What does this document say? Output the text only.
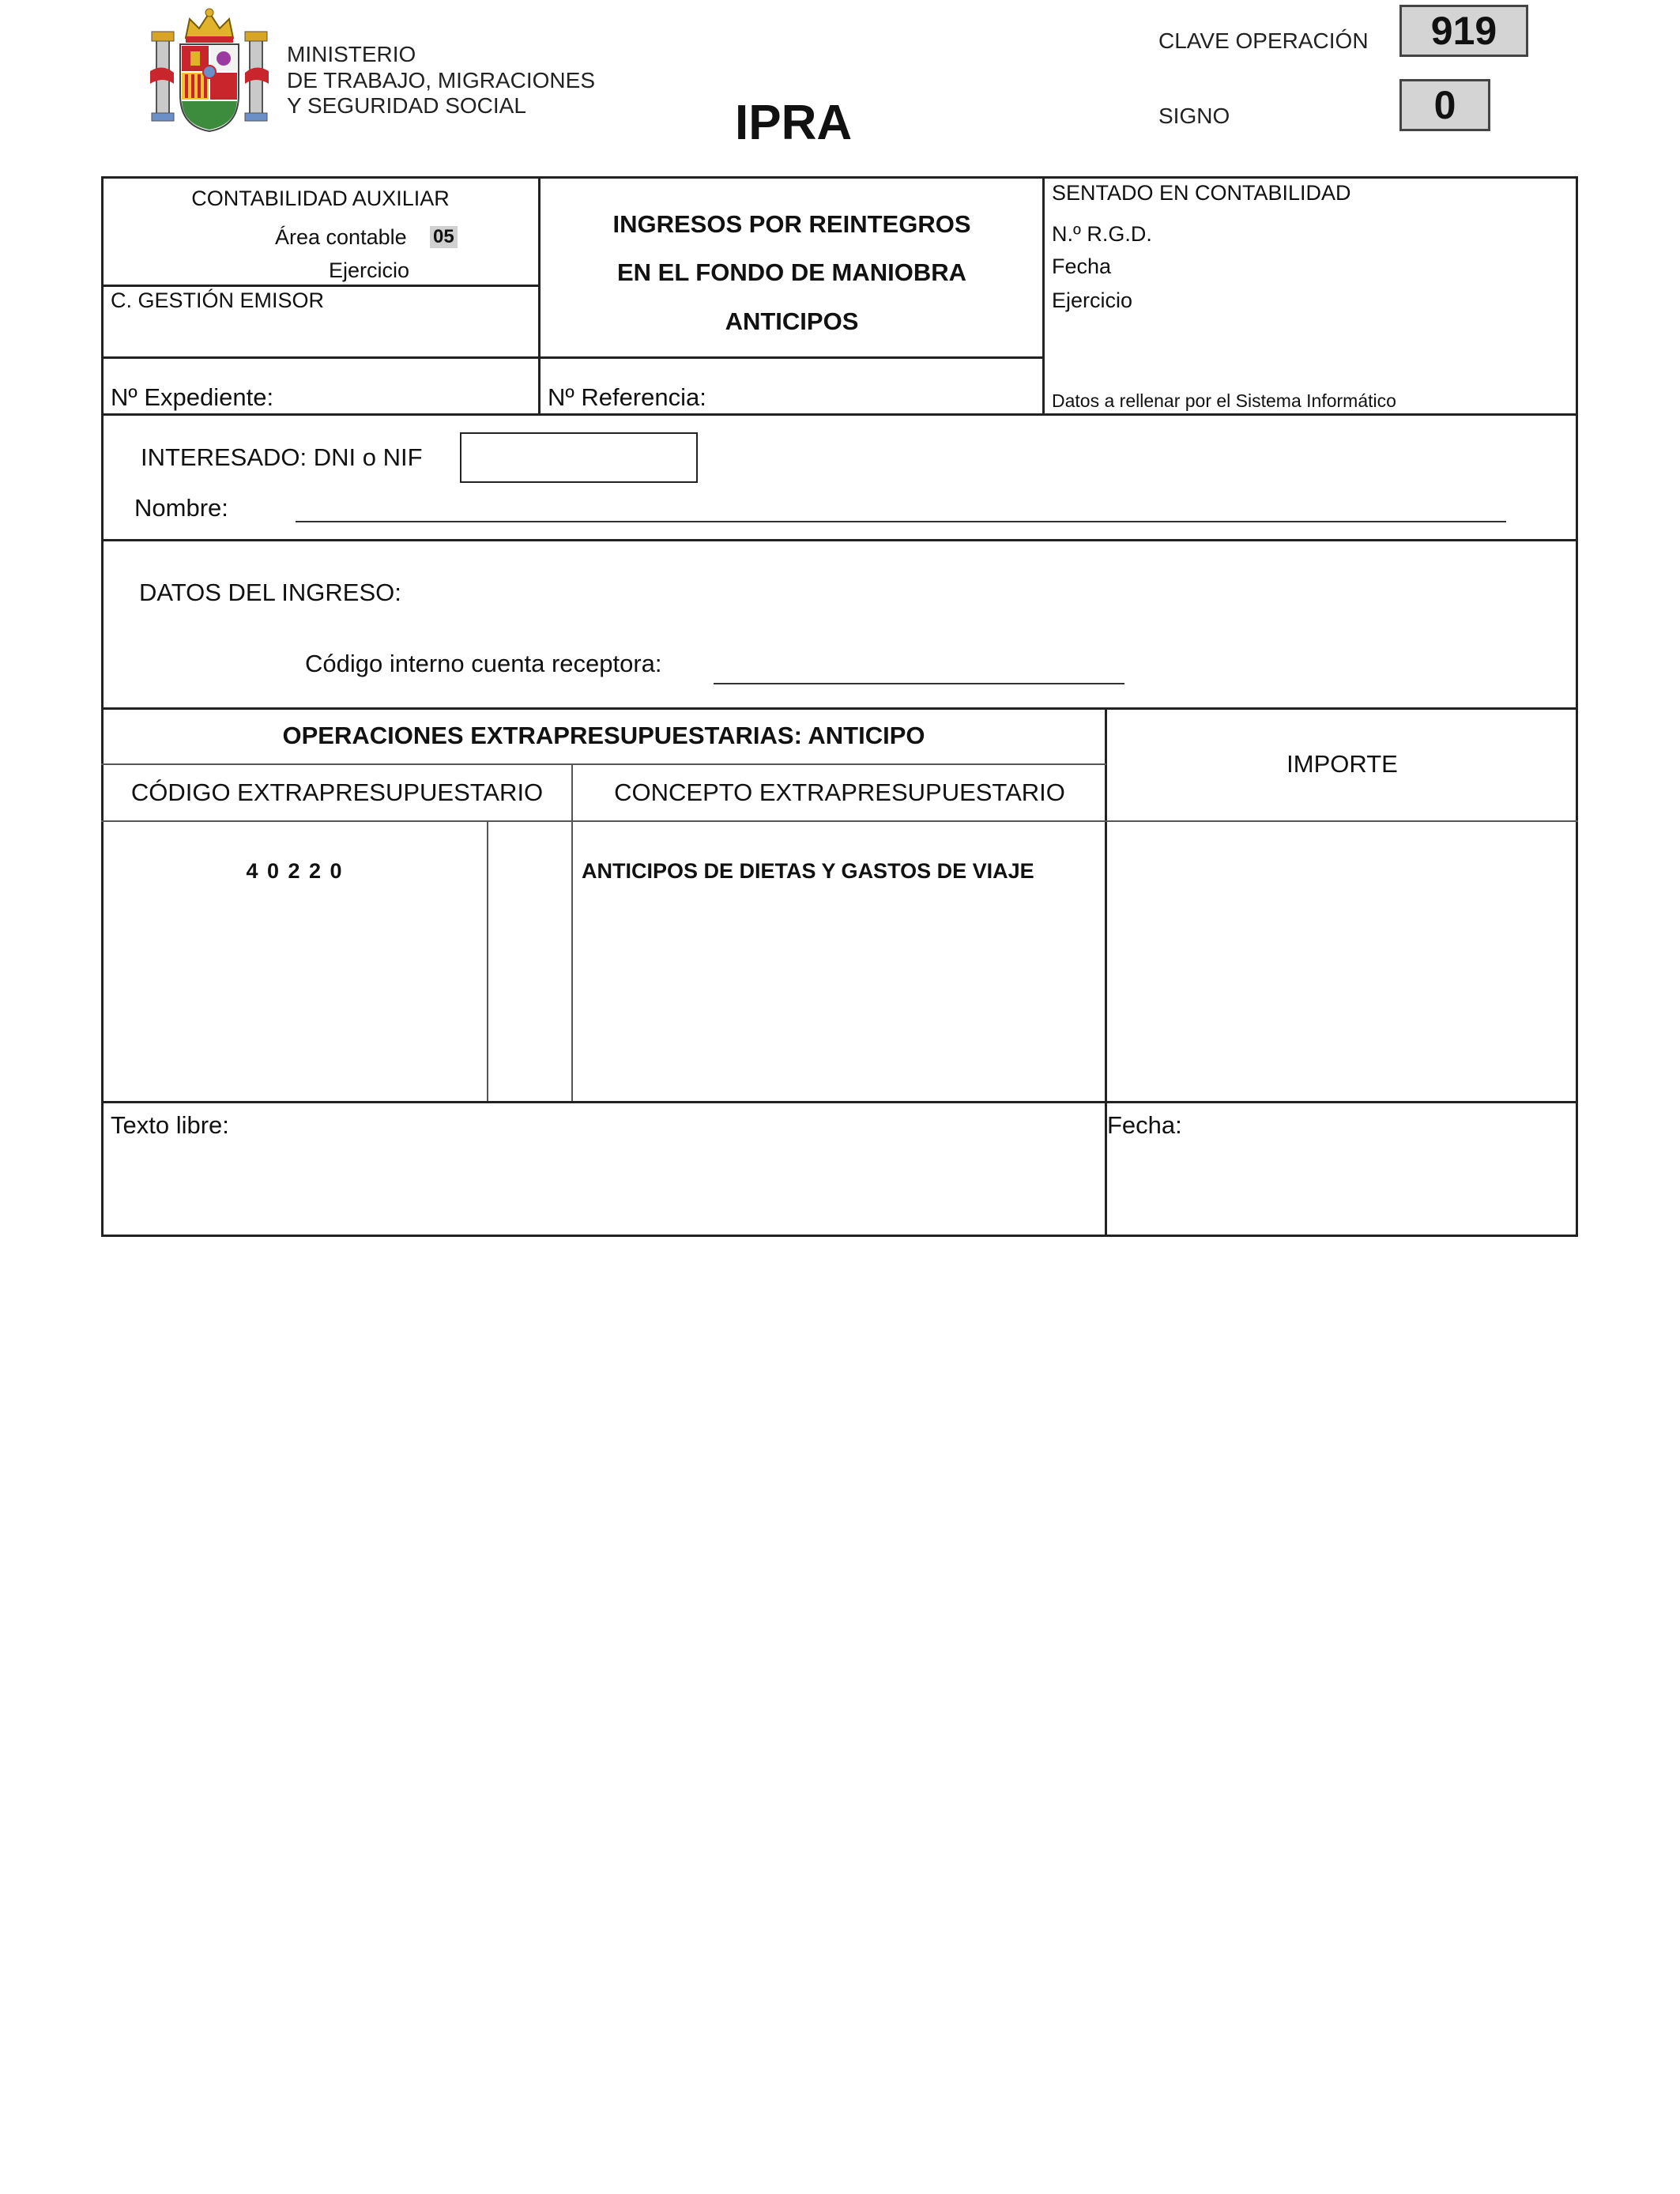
MINISTERIO
DE TRABAJO, MIGRACIONES
Y SEGURIDAD SOCIAL	IPRA
CLAVE OPERACIÓN	919
SIGNO	0
CONTABILIDAD AUXILIAR
Área contable 05
Ejercicio
C. GESTIÓN EMISOR
INGRESOS POR REINTEGROS
EN EL FONDO DE MANIOBRA
ANTICIPOS
SENTADO EN CONTABILIDAD
N.º R.G.D.
Fecha
Ejercicio
Datos a rellenar por el Sistema Informático
Nº Expediente:	Nº Referencia:
INTERESADO: DNI o NIF
Nombre:
DATOS DEL INGRESO:
Código interno cuenta receptora:
OPERACIONES EXTRAPRESUPUESTARIAS: ANTICIPO
CÓDIGO EXTRAPRESUPUESTARIO	CONCEPTO EXTRAPRESUPUESTARIO
IMPORTE
4 0 2 2 0	ANTICIPOS DE DIETAS Y GASTOS DE VIAJE
Texto libre:	Fecha:
